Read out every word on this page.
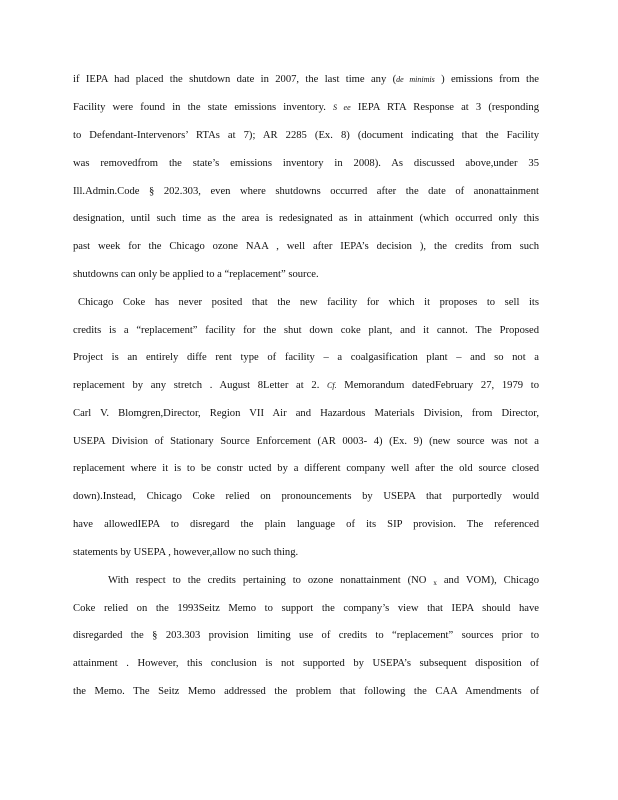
if IEPA had placed the shutdown date in 2007, the last time any (de minimis ) emissions from the
Facility were found in the state emissions inventory. S ee IEPA RTA Response at 3 (responding
to Defendant-Intervenors’ RTAs at 7); AR 2285 (Ex. 8) (document indicating that the Facility
was removedfrom the state’s emissions inventory in 2008). As discussed above,under 35
Ill.Admin.Code § 202.303, even where shutdowns occurred after the date of anonattainment
designation, until such time as the area is redesignated as in attainment (which occurred only this
past week for the Chicago ozone NAA , well after IEPA’s decision ), the credits from such
shutdowns can only be applied to a “replacement” source.
Chicago Coke has never posited that the new facility for which it proposes to sell its
credits is a “replacement” facility for the shut down coke plant, and it cannot. The Proposed
Project is an entirely diffe rent type of facility – a coalgasification plant – and so not a
replacement by any stretch . August 8Letter at 2. Cf. Memorandum datedFebruary 27, 1979 to
Carl V. Blomgren,Director, Region VII Air and Hazardous Materials Division, from Director,
USEPA Division of Stationary Source Enforcement (AR 0003- 4) (Ex. 9) (new source was not a
replacement where it is to be constr ucted by a different company well after the old source closed
down).Instead, Chicago Coke relied on pronouncements by USEPA that purportedly would
have allowedIEPA to disregard the plain language of its SIP provision. The referenced
statements by USEPA , however,allow no such thing.
With respect to the credits pertaining to ozone nonattainment (NO $_x$ and VOM), Chicago
Coke relied on the 1993Seitz Memo to support the company’s view that IEPA should have
disregarded the § 203.303 provision limiting use of credits to “replacement” sources prior to
attainment . However, this conclusion is not supported by USEPA’s subsequent disposition of
the Memo. The Seitz Memo addressed the problem that following the CAA Amendments of
